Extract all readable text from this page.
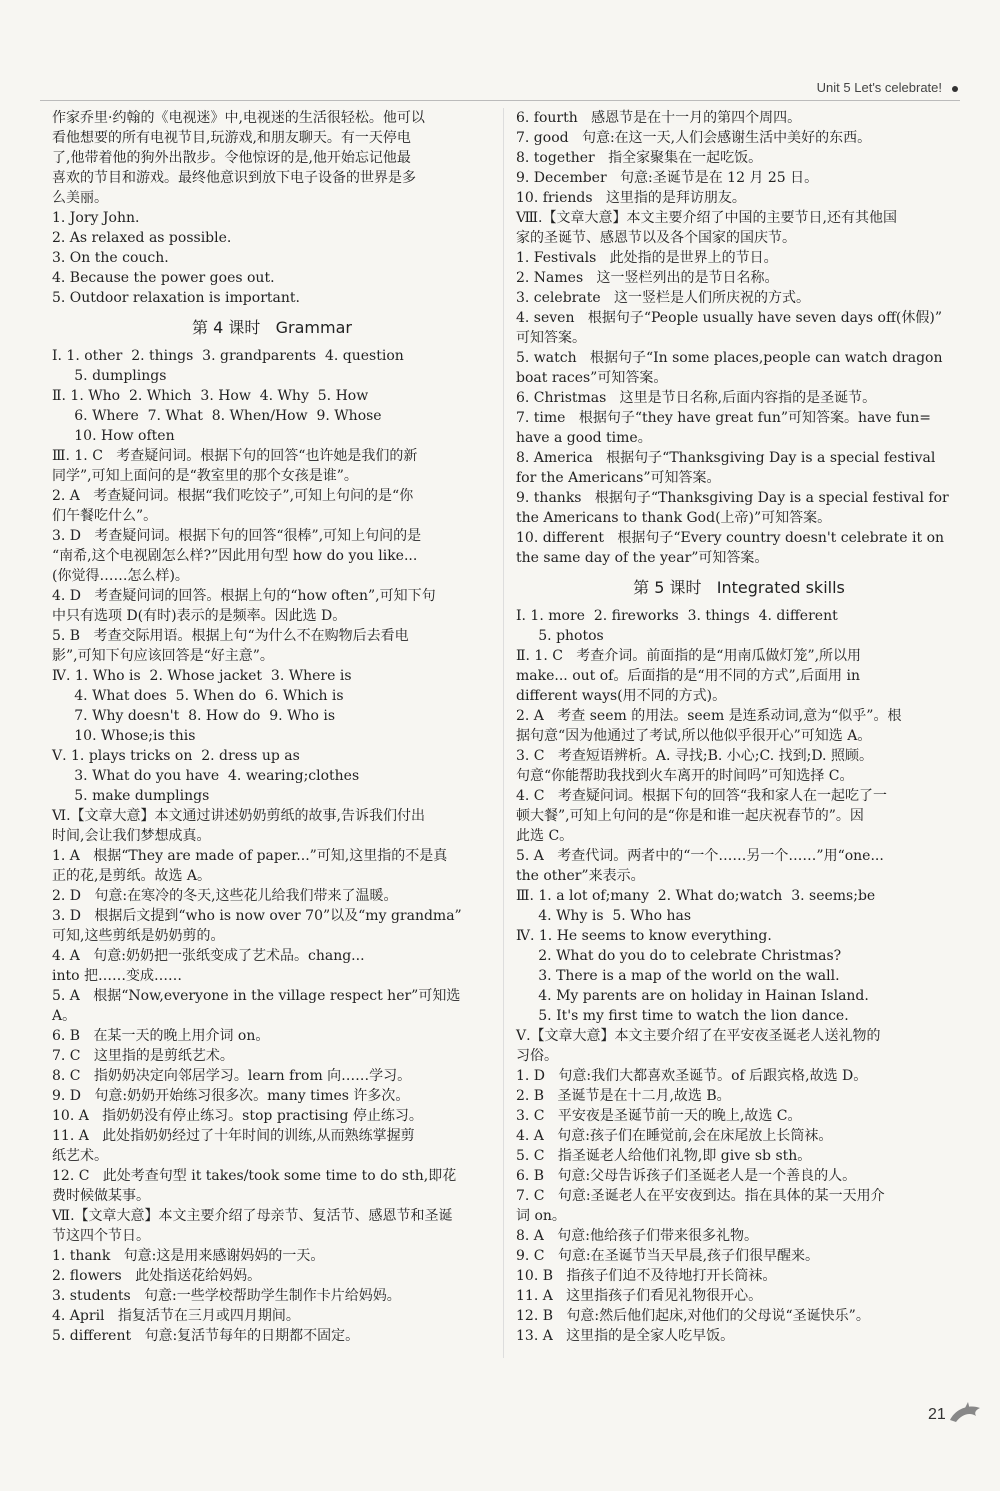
Unit 5 Let's celebrate!

作家乔里·约翰的《电视迷》中,电视迷的生活很轻松。他可以

看他想要的所有电视节目,玩游戏,和朋友聊天。有一天停电

了,他带着他的狗外出散步。令他惊讶的是,他开始忘记他最

喜欢的节目和游戏。最终他意识到放下电子设备的世界是多

么美丽。

1. Jory John.

2. As relaxed as possible.

3. On the couch.

4. Because the power goes out.

5. Outdoor relaxation is important.

第 4 课时   Grammar

Ⅰ. 1. other  2. things  3. grandparents  4. question

5. dumplings

Ⅱ. 1. Who  2. Which  3. How  4. Why  5. How

6. Where  7. What  8. When/How  9. Whose

10. How often

Ⅲ. 1. C   考查疑问词。根据下句的回答“也许她是我们的新

同学”,可知上面问的是“教室里的那个女孩是谁”。

2. A   考查疑问词。根据“我们吃饺子”,可知上句问的是“你

们午餐吃什么”。

3. D   考查疑问词。根据下句的回答“很棒”,可知上句问的是

“南希,这个电视剧怎么样?”因此用句型 how do you like...

(你觉得……怎么样)。

4. D   考查疑问词的回答。根据上句的“how often”,可知下句

中只有选项 D(有时)表示的是频率。因此选 D。

5. B   考查交际用语。根据上句“为什么不在购物后去看电

影”,可知下句应该回答是“好主意”。

Ⅳ. 1. Who is  2. Whose jacket  3. Where is

4. What does  5. When do  6. Which is

7. Why doesn't  8. How do  9. Who is

10. Whose;is this

Ⅴ. 1. plays tricks on  2. dress up as

3. What do you have  4. wearing;clothes

5. make dumplings

Ⅵ.【文章大意】本文通过讲述奶奶剪纸的故事,告诉我们付出

时间,会让我们梦想成真。

1. A   根据“They are made of paper...”可知,这里指的不是真

正的花,是剪纸。故选 A。

2. D   句意:在寒冷的冬天,这些花儿给我们带来了温暖。

3. D   根据后文提到“who is now over 70”以及“my grandma”

可知,这些剪纸是奶奶剪的。

4. A   句意:奶奶把一张纸变成了艺术品。chang...

into 把……变成……

5. A   根据“Now,everyone in the village respect her”可知选

A。

6. B   在某一天的晚上用介词 on。

7. C   这里指的是剪纸艺术。

8. C   指奶奶决定向邻居学习。learn from 向……学习。

9. D   句意:奶奶开始练习很多次。many times 许多次。

10. A   指奶奶没有停止练习。stop practising 停止练习。

11. A   此处指奶奶经过了十年时间的训练,从而熟练掌握剪

纸艺术。

12. C   此处考查句型 it takes/took some time to do sth,即花

费时候做某事。

Ⅶ.【文章大意】本文主要介绍了母亲节、复活节、感恩节和圣诞

节这四个节日。

1. thank   句意:这是用来感谢妈妈的一天。

2. flowers   此处指送花给妈妈。

3. students   句意:一些学校帮助学生制作卡片给妈妈。

4. April   指复活节在三月或四月期间。

5. different   句意:复活节每年的日期都不固定。

6. fourth   感恩节是在十一月的第四个周四。

7. good   句意:在这一天,人们会感谢生活中美好的东西。

8. together   指全家聚集在一起吃饭。

9. December   句意:圣诞节是在 12 月 25 日。

10. friends   这里指的是拜访朋友。

Ⅷ.【文章大意】本文主要介绍了中国的主要节日,还有其他国

家的圣诞节、感恩节以及各个国家的国庆节。

1. Festivals   此处指的是世界上的节日。

2. Names   这一竖栏列出的是节日名称。

3. celebrate   这一竖栏是人们所庆祝的方式。

4. seven   根据句子“People usually have seven days off(休假)”

可知答案。

5. watch   根据句子“In some places,people can watch dragon

boat races”可知答案。

6. Christmas   这里是节日名称,后面内容指的是圣诞节。

7. time   根据句子“they have great fun”可知答案。have fun=

have a good time。

8. America   根据句子“Thanksgiving Day is a special festival

for the Americans”可知答案。

9. thanks   根据句子“Thanksgiving Day is a special festival for

the Americans to thank God(上帝)”可知答案。

10. different   根据句子“Every country doesn't celebrate it on

the same day of the year”可知答案。

第 5 课时   Integrated skills

Ⅰ. 1. more  2. fireworks  3. things  4. different

5. photos

Ⅱ. 1. C   考查介词。前面指的是“用南瓜做灯笼”,所以用

make... out of。后面指的是“用不同的方式”,后面用 in

different ways(用不同的方式)。

2. A   考查 seem 的用法。seem 是连系动词,意为“似乎”。根

据句意“因为他通过了考试,所以他似乎很开心”可知选 A。

3. C   考查短语辨析。A. 寻找;B. 小心;C. 找到;D. 照顾。

句意“你能帮助我找到火车离开的时间吗”可知选择 C。

4. C   考查疑问词。根据下句的回答“我和家人在一起吃了一

顿大餐”,可知上句问的是“你是和谁一起庆祝春节的”。因

此选 C。

5. A   考查代词。两者中的“一个……另一个……”用“one...

the other”来表示。

Ⅲ. 1. a lot of;many  2. What do;watch  3. seems;be

4. Why is  5. Who has

Ⅳ. 1. He seems to know everything.

2. What do you do to celebrate Christmas?

3. There is a map of the world on the wall.

4. My parents are on holiday in Hainan Island.

5. It's my first time to watch the lion dance.

Ⅴ.【文章大意】本文主要介绍了在平安夜圣诞老人送礼物的

习俗。

1. D   句意:我们大都喜欢圣诞节。of 后跟宾格,故选 D。

2. B   圣诞节是在十二月,故选 B。

3. C   平安夜是圣诞节前一天的晚上,故选 C。

4. A   句意:孩子们在睡觉前,会在床尾放上长筒袜。

5. C   指圣诞老人给他们礼物,即 give sb sth。

6. B   句意:父母告诉孩子们圣诞老人是一个善良的人。

7. C   句意:圣诞老人在平安夜到达。指在具体的某一天用介

词 on。

8. A   句意:他给孩子们带来很多礼物。

9. C   句意:在圣诞节当天早晨,孩子们很早醒来。

10. B   指孩子们迫不及待地打开长筒袜。

11. A   这里指孩子们看见礼物很开心。

12. B   句意:然后他们起床,对他们的父母说“圣诞快乐”。

13. A   这里指的是全家人吃早饭。

21
